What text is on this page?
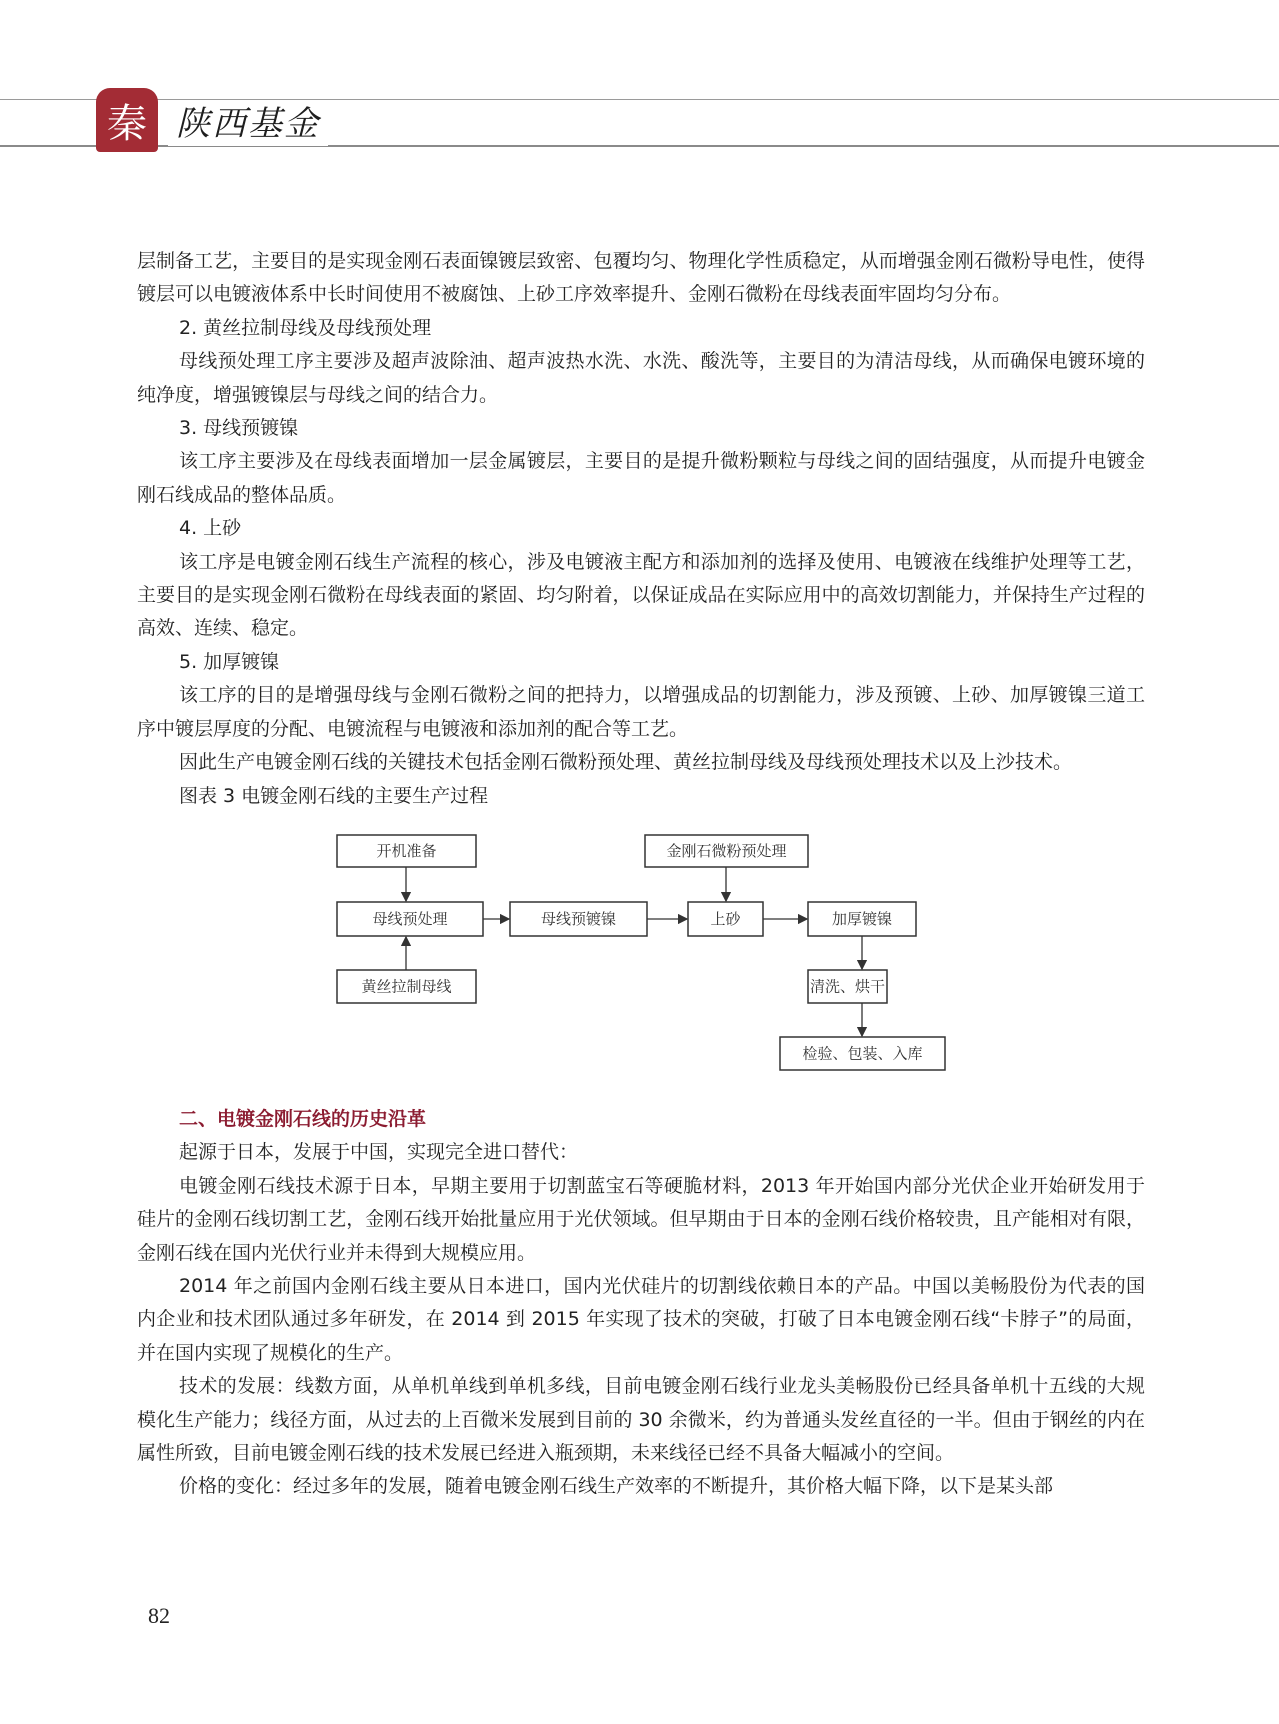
秦 陕西基金

层制备工艺，主要目的是实现金刚石表面镍镀层致密、包覆均匀、物理化学性质稳定，从而增强金刚石微粉导电性，使得镀层可以电镀液体系中长时间使用不被腐蚀、上砂工序效率提升、金刚石微粉在母线表面牢固均匀分布。

2. 黄丝拉制母线及母线预处理

母线预处理工序主要涉及超声波除油、超声波热水洗、水洗、酸洗等，主要目的为清洁母线，从而确保电镀环境的纯净度，增强镀镍层与母线之间的结合力。

3. 母线预镀镍

该工序主要涉及在母线表面增加一层金属镀层，主要目的是提升微粉颗粒与母线之间的固结强度，从而提升电镀金刚石线成品的整体品质。

4. 上砂

该工序是电镀金刚石线生产流程的核心，涉及电镀液主配方和添加剂的选择及使用、电镀液在线维护处理等工艺，主要目的是实现金刚石微粉在母线表面的紧固、均匀附着，以保证成品在实际应用中的高效切割能力，并保持生产过程的高效、连续、稳定。

5. 加厚镀镍

该工序的目的是增强母线与金刚石微粉之间的把持力，以增强成品的切割能力，涉及预镀、上砂、加厚镀镍三道工序中镀层厚度的分配、电镀流程与电镀液和添加剂的配合等工艺。

因此生产电镀金刚石线的关键技术包括金刚石微粉预处理、黄丝拉制母线及母线预处理技术以及上沙技术。

图表 3 电镀金刚石线的主要生产过程

开机准备
母线预处理
黄丝拉制母线
母线预镀镍
金刚石微粉预处理
上砂	加厚镀镍
清洗、烘干
检验、包装、入库

二、电镀金刚石线的历史沿革

起源于日本，发展于中国，实现完全进口替代：

电镀金刚石线技术源于日本，早期主要用于切割蓝宝石等硬脆材料，2013 年开始国内部分光伏企业开始研发用于硅片的金刚石线切割工艺，金刚石线开始批量应用于光伏领域。但早期由于日本的金刚石线价格较贵，且产能相对有限，金刚石线在国内光伏行业并未得到大规模应用。

2014 年之前国内金刚石线主要从日本进口，国内光伏硅片的切割线依赖日本的产品。中国以美畅股份为代表的国内企业和技术团队通过多年研发，在 2014 到 2015 年实现了技术的突破，打破了日本电镀金刚石线“卡脖子”的局面，并在国内实现了规模化的生产。

技术的发展：线数方面，从单机单线到单机多线，目前电镀金刚石线行业龙头美畅股份已经具备单机十五线的大规模化生产能力；线径方面，从过去的上百微米发展到目前的 30 余微米，约为普通头发丝直径的一半。但由于钢丝的内在属性所致，目前电镀金刚石线的技术发展已经进入瓶颈期，未来线径已经不具备大幅减小的空间。

价格的变化：经过多年的发展，随着电镀金刚石线生产效率的不断提升，其价格大幅下降，以下是某头部

82
